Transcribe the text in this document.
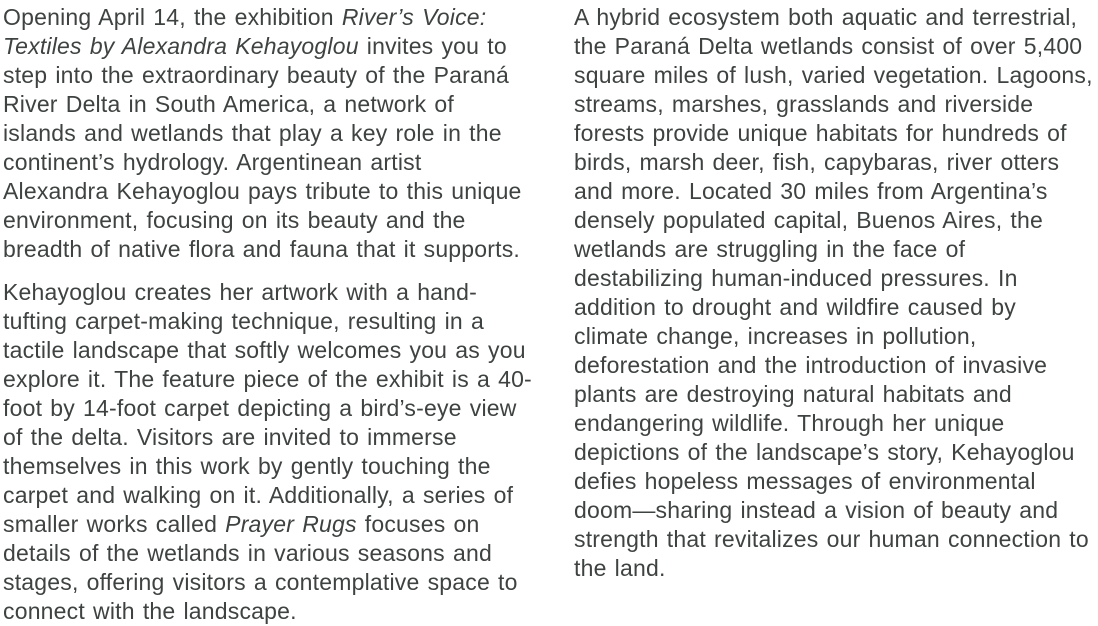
Opening April 14, the exhibition River’s Voice: Textiles by Alexandra Kehayoglou invites you to step into the extraordinary beauty of the Paraná River Delta in South America, a network of islands and wetlands that play a key role in the continent’s hydrology. Argentinean artist Alexandra Kehayoglou pays tribute to this unique environment, focusing on its beauty and the breadth of native flora and fauna that it supports.

Kehayoglou creates her artwork with a hand-tufting carpet-making technique, resulting in a tactile landscape that softly welcomes you as you explore it. The feature piece of the exhibit is a 40-foot by 14-foot carpet depicting a bird’s-eye view of the delta. Visitors are invited to immerse themselves in this work by gently touching the carpet and walking on it. Additionally, a series of smaller works called Prayer Rugs focuses on details of the wetlands in various seasons and stages, offering visitors a contemplative space to connect with the landscape.

A hybrid ecosystem both aquatic and terrestrial, the Paraná Delta wetlands consist of over 5,400 square miles of lush, varied vegetation. Lagoons, streams, marshes, grasslands and riverside forests provide unique habitats for hundreds of birds, marsh deer, fish, capybaras, river otters and more. Located 30 miles from Argentina’s densely populated capital, Buenos Aires, the wetlands are struggling in the face of destabilizing human-induced pressures. In addition to drought and wildfire caused by climate change, increases in pollution, deforestation and the introduction of invasive plants are destroying natural habitats and endangering wildlife. Through her unique depictions of the landscape’s story, Kehayoglou defies hopeless messages of environmental doom—sharing instead a vision of beauty and strength that revitalizes our human connection to the land.
